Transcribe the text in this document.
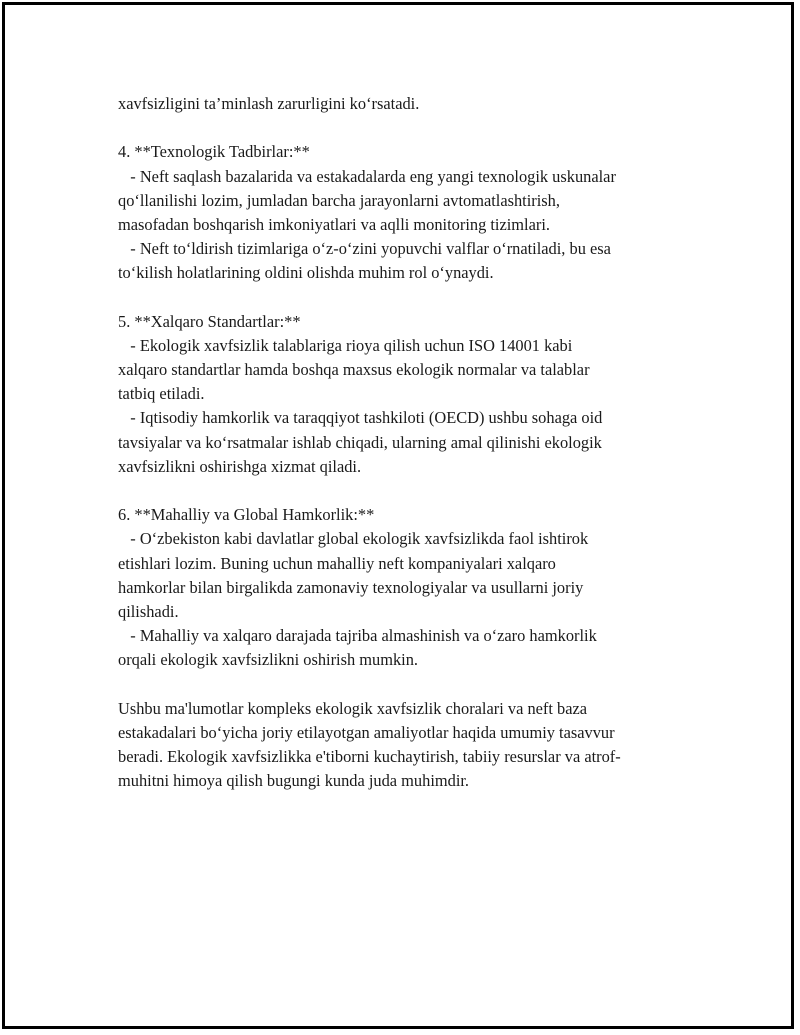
xavfsizligini ta’minlash zarurligini ko‘rsatadi.
4. **Texnologik Tadbirlar:**
- Neft saqlash bazalarida va estakadalarda eng yangi texnologik uskunalar
qo‘llanilishi lozim, jumladan barcha jarayonlarni avtomatlashtirish,
masofadan boshqarish imkoniyatlari va aqlli monitoring tizimlari.
- Neft to‘ldirish tizimlariga o‘z-o‘zini yopuvchi valflar o‘rnatiladi, bu esa
to‘kilish holatlarining oldini olishda muhim rol o‘ynaydi.
5. **Xalqaro Standartlar:**
- Ekologik xavfsizlik talablariga rioya qilish uchun ISO 14001 kabi
xalqaro standartlar hamda boshqa maxsus ekologik normalar va talablar
tatbiq etiladi.
- Iqtisodiy hamkorlik va taraqqiyot tashkiloti (OECD) ushbu sohaga oid
tavsiyalar va ko‘rsatmalar ishlab chiqadi, ularning amal qilinishi ekologik
xavfsizlikni oshirishga xizmat qiladi.
6. **Mahalliy va Global Hamkorlik:**
- O‘zbekiston kabi davlatlar global ekologik xavfsizlikda faol ishtirok
etishlari lozim. Buning uchun mahalliy neft kompaniyalari xalqaro
hamkorlar bilan birgalikda zamonaviy texnologiyalar va usullarni joriy
qilishadi.
- Mahalliy va xalqaro darajada tajriba almashinish va o‘zaro hamkorlik
orqali ekologik xavfsizlikni oshirish mumkin.
Ushbu ma'lumotlar kompleks ekologik xavfsizlik choralari va neft baza
estakadalari bo‘yicha joriy etilayotgan amaliyotlar haqida umumiy tasavvur
beradi. Ekologik xavfsizlikka e'tiborni kuchaytirish, tabiiy resurslar va atrof-
muhitni himoya qilish bugungi kunda juda muhimdir.
